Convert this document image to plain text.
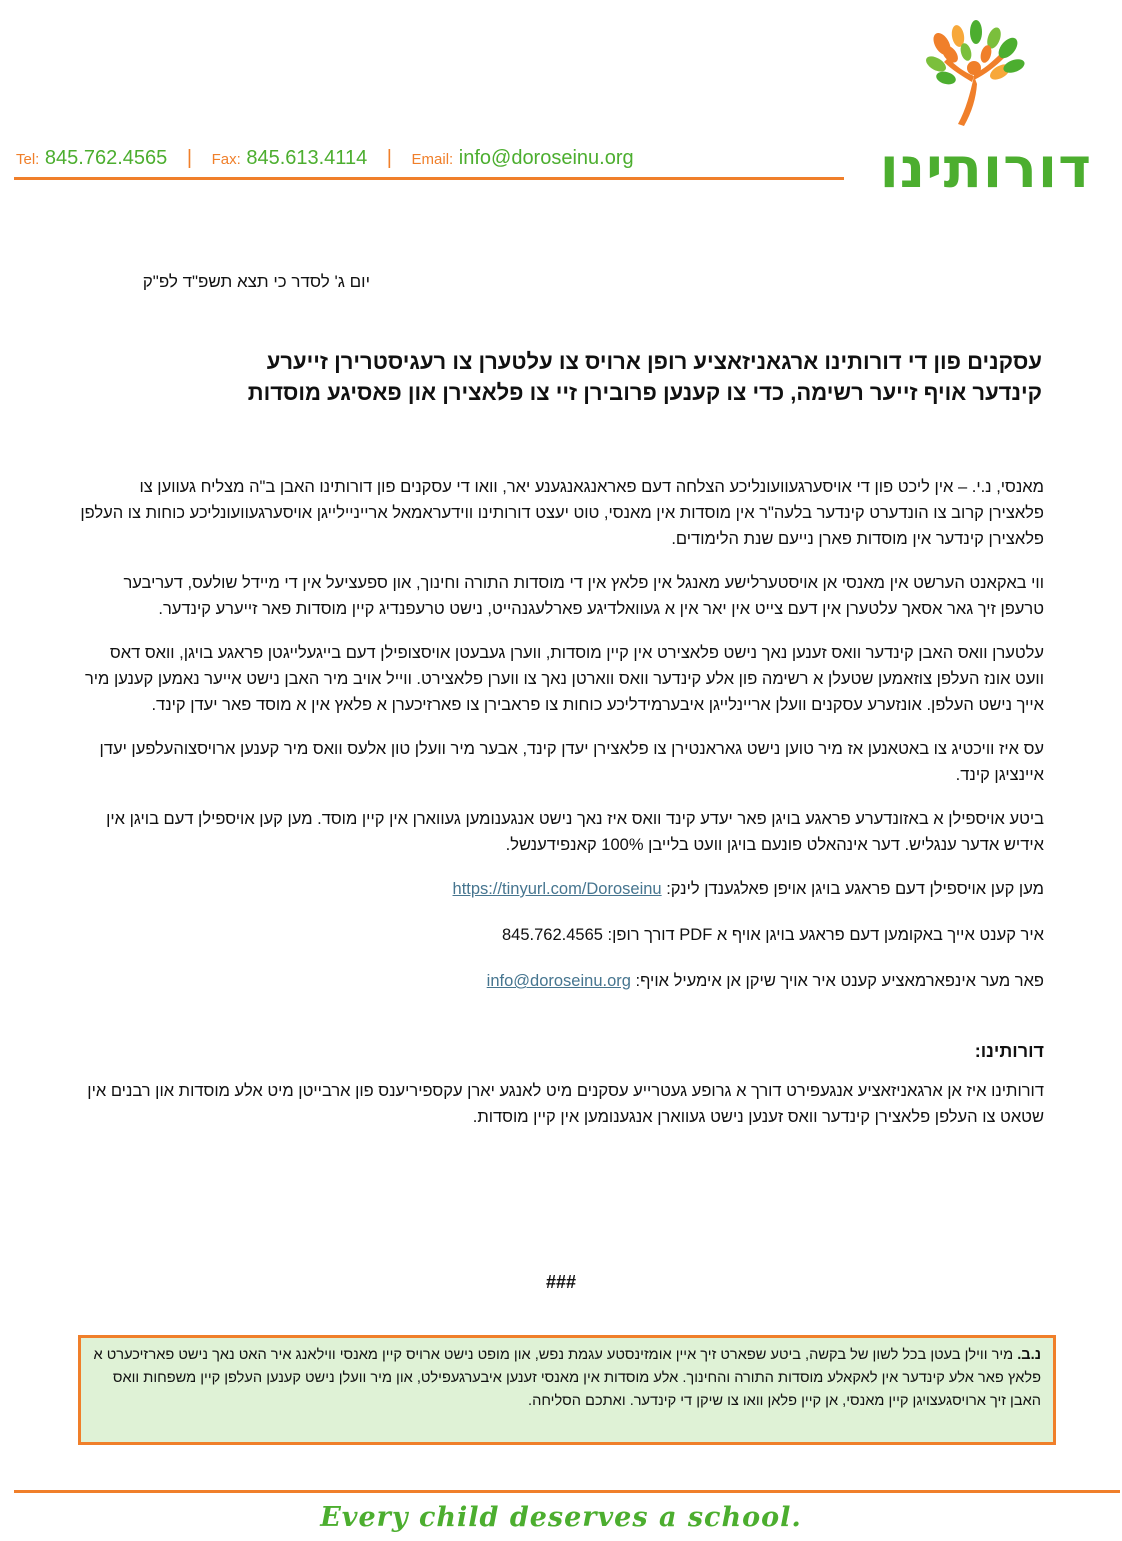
Tel: 845.762.4565 | Fax: 845.613.4114 | Email: info@doroseinu.org	דורותינו
יום ג' לסדר כי תצא תשפ"ד לפ"ק
עסקנים פון די דורותינו ארגאניזאציע רופן ארויס צו עלטערן צו רעגיסטרירן זייערע
קינדער אויף זייער רשימה, כדי צו קענען פרובירן זיי צו פלאצירן און פאסיגע מוסדות

מאנסי, נ.י. – אין ליכט פון די אויסערגעוועונליכע הצלחה דעם פאראנגאנגענע יאר, וואו די עסקנים פון דורותינו האבן ב"ה מצליח געווען צו פלאצירן קרוב צו הונדערט קינדער בלעה"ר אין מוסדות אין מאנסי, טוט יעצט דורותינו ווידעראמאל ארייניילייגן אויסערגעוועונליכע כוחות צו העלפן פלאצירן קינדער אין מוסדות פארן נייעם שנת הלימודים.

ווי באקאנט הערשט אין מאנסי אן אויסטערלישע מאנגל אין פלאץ אין די מוסדות התורה וחינוך, און ספעציעל אין די מיידל שולעס, דעריבער טרעפן זיך גאר אסאך עלטערן אין דעם צייט אין יאר אין א געוואלדיגע פארלעגנהייט, נישט טרעפנדיג קיין מוסדות פאר זייערע קינדער.

עלטערן וואס האבן קינדער וואס זענען נאך נישט פלאצירט אין קיין מוסדות, ווערן געבעטן אויסצופילן דעם בייגעלייגטן פראגע בויגן, וואס דאס וועט אונז העלפן צוזאמען שטעלן א רשימה פון אלע קינדער וואס ווארטן נאך צו ווערן פלאצירט. ווייל אויב מיר האבן נישט אייער נאמען קענען מיר אייך נישט העלפן. אונזערע עסקנים וועלן אריינלייגן איבערמידליכע כוחות צו פראבירן צו פארזיכערן א פלאץ אין א מוסד פאר יעדן קינד.

עס איז וויכטיג צו באטאנען אז מיר טוען נישט גאראנטירן צו פלאצירן יעדן קינד, אבער מיר וועלן טון אלעס וואס מיר קענען ארויסצוהעלפען יעדן איינציגן קינד.

ביטע אויספילן א באזונדערע פראגע בויגן פאר יעדע קינד וואס איז נאך נישט אנגענומען געווארן אין קיין מוסד. מען קען אויספילן דעם בויגן אין אידיש אדער ענגליש. דער אינהאלט פונעם בויגן וועט בלייבן 100% קאנפידענשל.

מען קען אויספילן דעם פראגע בויגן אויפן פאלגענדן לינק: https://tinyurl.com/Doroseinu

איר קענט אייך באקומען דעם פראגע בויגן אויף א PDF דורך רופן: 845.762.4565

פאר מער אינפארמאציע קענט איר אויך שיקן אן אימעיל אויף: info@doroseinu.org

דורותינו:

דורותינו איז אן ארגאניזאציע אנגעפירט דורך א גרופע געטרייע עסקנים מיט לאנגע יארן עקספיריענס פון ארבייטן מיט אלע מוסדות און רבנים אין שטאט צו העלפן פלאצירן קינדער וואס זענען נישט געווארן אנגענומען אין קיין מוסדות.

###
נ.ב. מיר ווילן בעטן בכל לשון של בקשה, ביטע שפארט זיך איין אומזינסטע עגמת נפש, און מופט נישט ארויס קיין מאנסי ווילאנג איר האט נאך נישט פארזיכערט א פלאץ פאר אלע קינדער אין לאקאלע מוסדות התורה והחינוך. אלע מוסדות אין מאנסי זענען איבערגעפילט, און מיר וועלן נישט קענען העלפן קיין משפחות וואס האבן זיך ארויסגעצויגן קיין מאנסי, אן קיין פלאן וואו צו שיקן די קינדער. ואתכם הסליחה.
Every child deserves a school.
